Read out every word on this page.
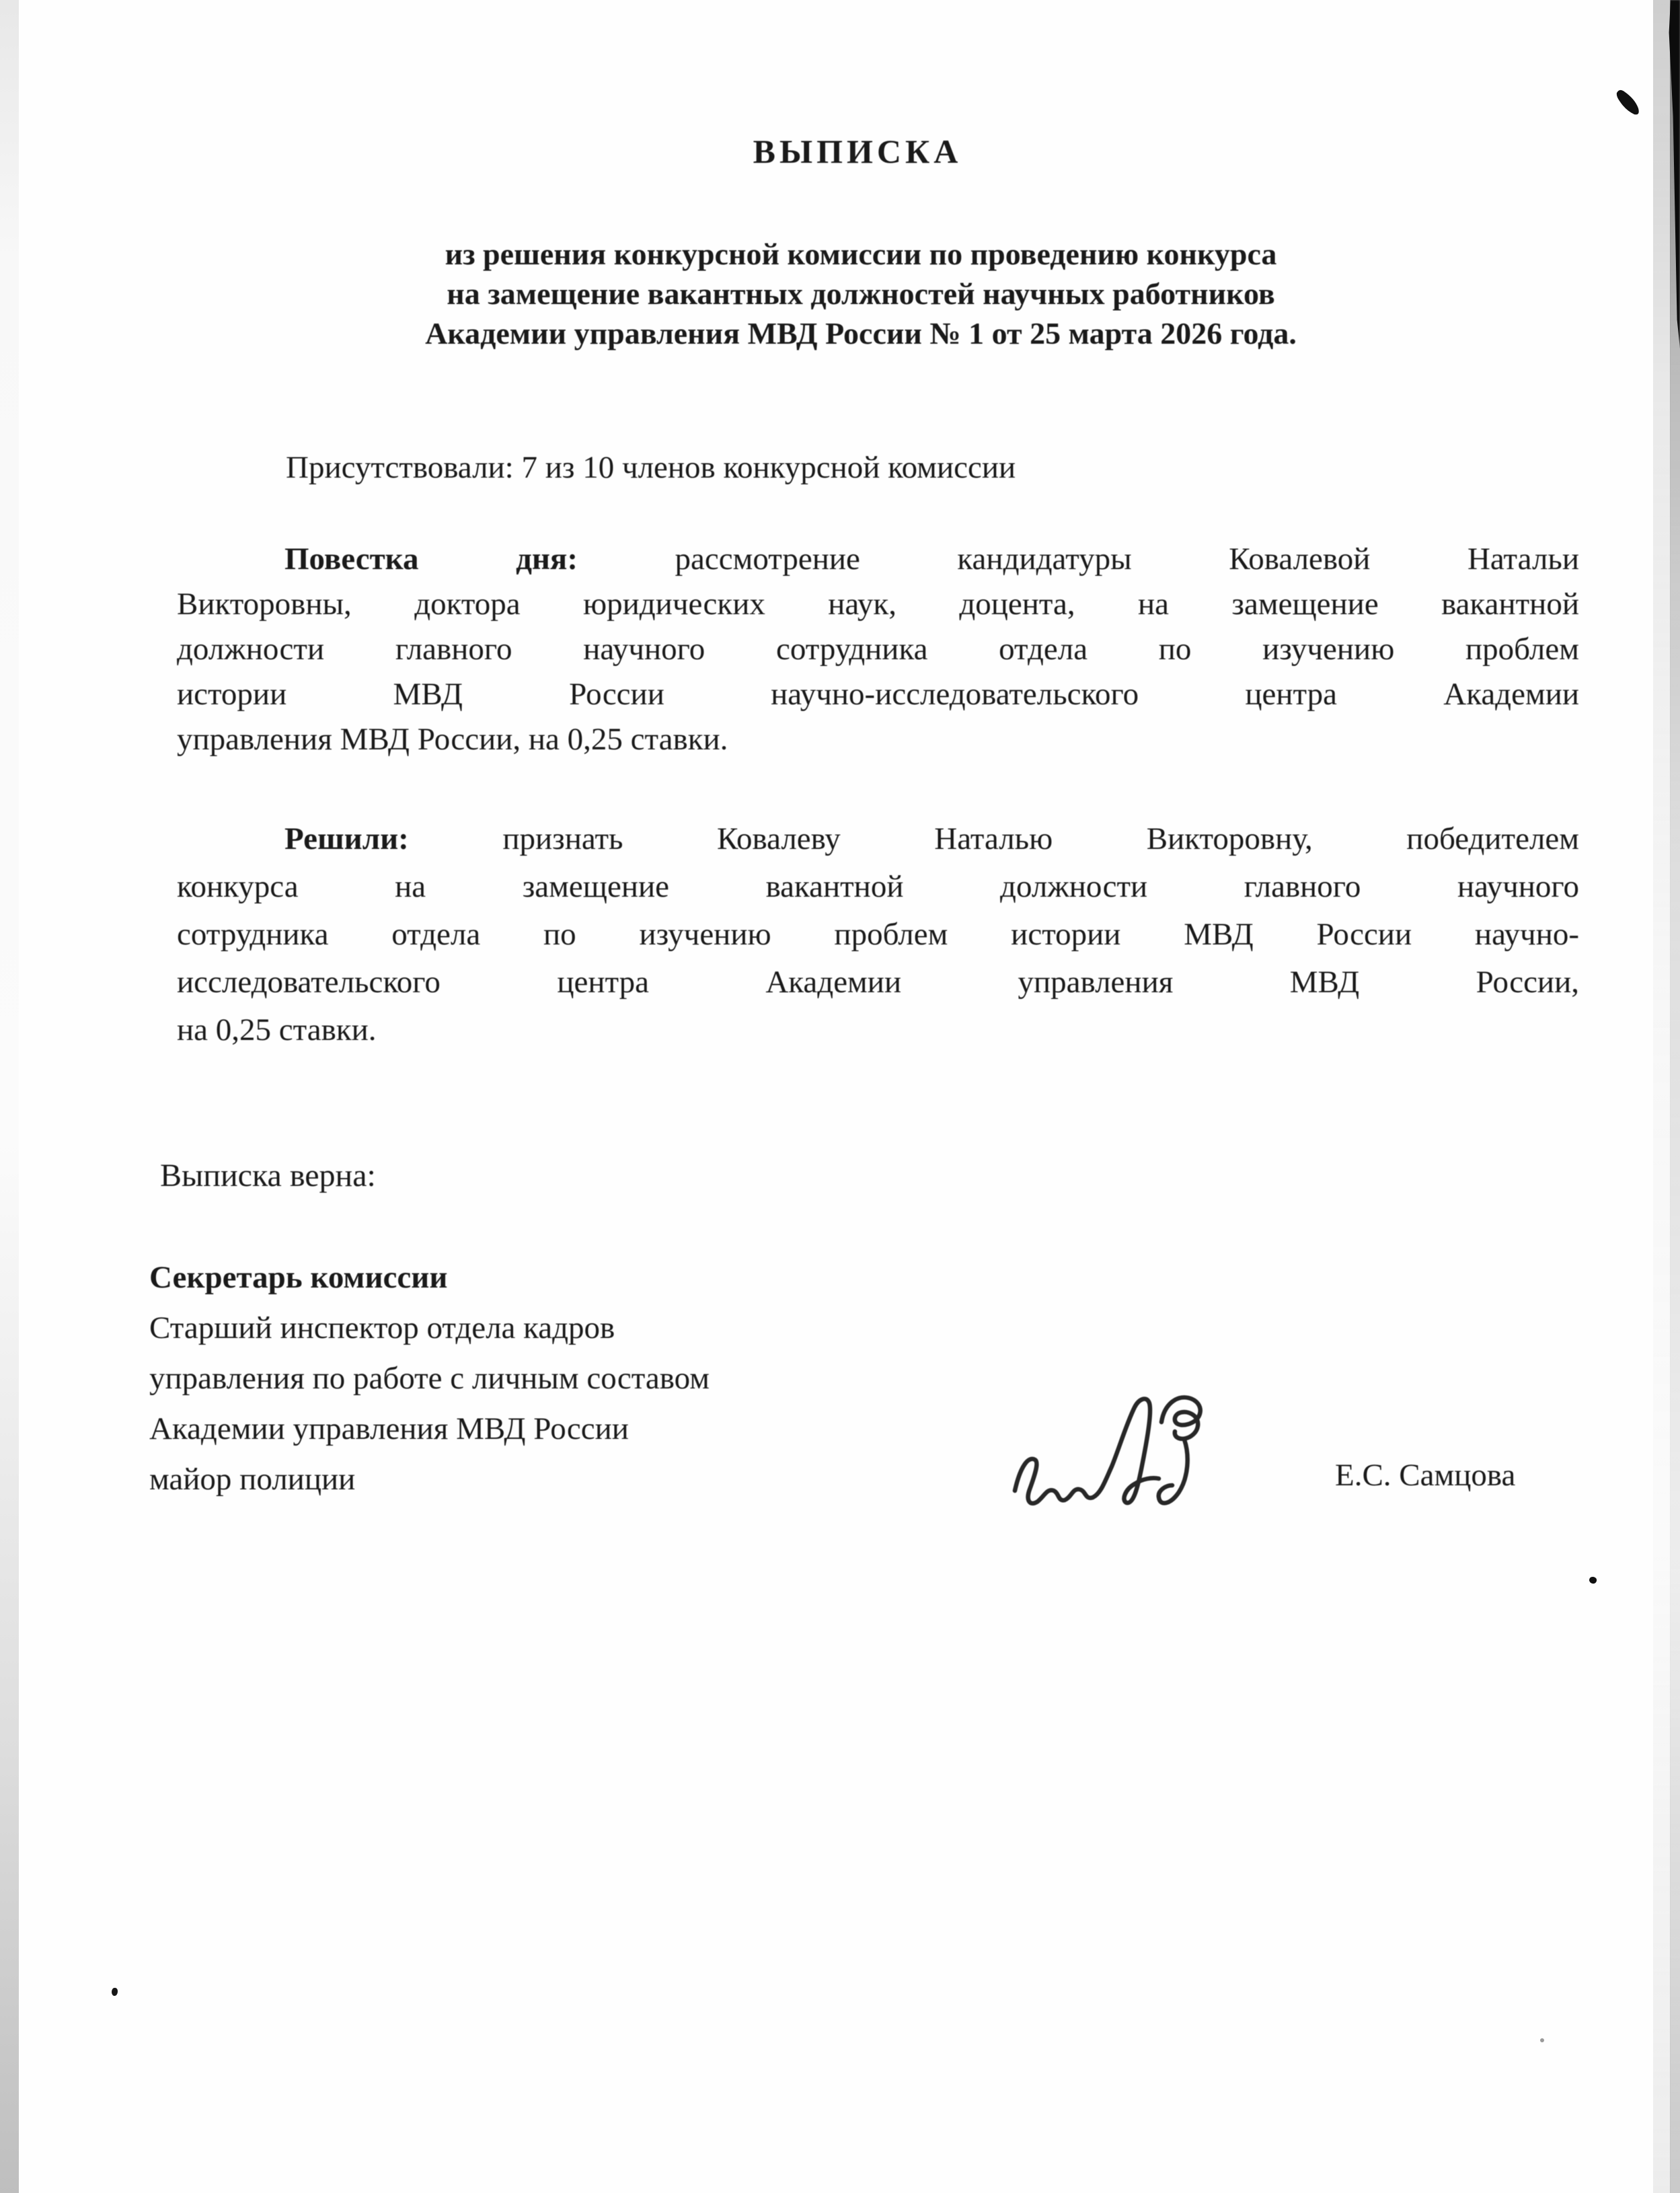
ВЫПИСКА
из решения конкурсной комиссии по проведению конкурса
на замещение вакантных должностей научных работников
Академии управления МВД России № 1 от 25 марта 2026 года.
Присутствовали: 7 из 10 членов конкурсной комиссии
Повестка дня:	рассмотрение кандидатуры Ковалевой Натальи
Викторовны, доктора юридических наук, доцента, на замещение вакантной
должности главного научного сотрудника отдела по изучению проблем
истории МВД России научно-исследовательского центра Академии
управления МВД России, на 0,25 ставки.
Решили:	признать Ковалеву Наталью Викторовну, победителем
конкурса на замещение вакантной должности главного научного
сотрудника отдела по изучению проблем истории МВД России научно-
исследовательского центра Академии управления МВД России,
на 0,25 ставки.
Выписка верна:
Секретарь комиссии
Старший инспектор отдела кадров
управления по работе с личным составом
Академии управления МВД России
майор полиции	Е.С. Самцова
